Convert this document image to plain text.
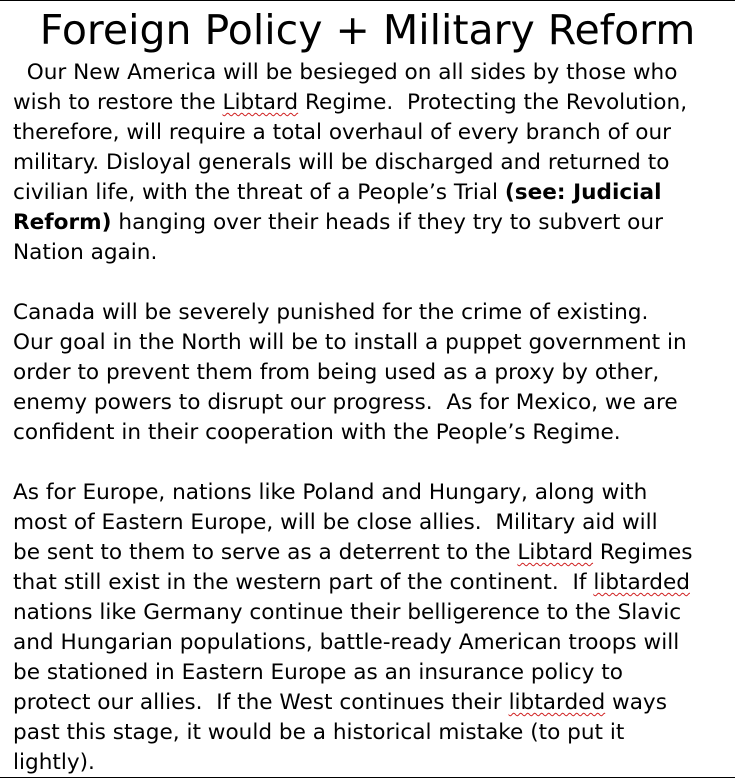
Foreign Policy + Military Reform
Our New America will be besieged on all sides by those who
wish to restore the Libtard Regime.  Protecting the Revolution,
therefore, will require a total overhaul of every branch of our
military. Disloyal generals will be discharged and returned to
civilian life, with the threat of a People’s Trial (see: Judicial
Reform) hanging over their heads if they try to subvert our
Nation again.
Canada will be severely punished for the crime of existing.
Our goal in the North will be to install a puppet government in
order to prevent them from being used as a proxy by other,
enemy powers to disrupt our progress.  As for Mexico, we are
confident in their cooperation with the People’s Regime.
As for Europe, nations like Poland and Hungary, along with
most of Eastern Europe, will be close allies.  Military aid will
be sent to them to serve as a deterrent to the Libtard Regimes
that still exist in the western part of the continent.  If libtarded
nations like Germany continue their belligerence to the Slavic
and Hungarian populations, battle-ready American troops will
be stationed in Eastern Europe as an insurance policy to
protect our allies.  If the West continues their libtarded ways
past this stage, it would be a historical mistake (to put it
lightly).
